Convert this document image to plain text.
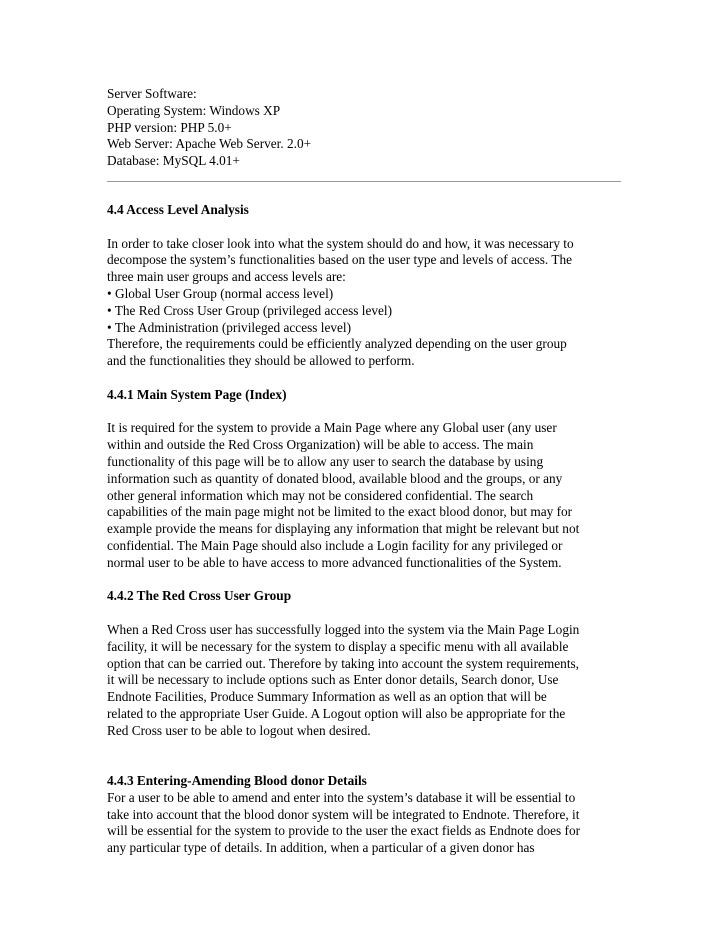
Server Software:
Operating System: Windows XP
PHP version: PHP 5.0+
Web Server: Apache Web Server. 2.0+
Database: MySQL 4.01+
4.4 Access Level Analysis
In order to take closer look into what the system should do and how, it was necessary to
decompose the system’s functionalities based on the user type and levels of access. The
three main user groups and access levels are:
• Global User Group (normal access level)
• The Red Cross User Group (privileged access level)
• The Administration (privileged access level)
Therefore, the requirements could be efficiently analyzed depending on the user group
and the functionalities they should be allowed to perform.
4.4.1 Main System Page (Index)
It is required for the system to provide a Main Page where any Global user (any user
within and outside the Red Cross Organization) will be able to access. The main
functionality of this page will be to allow any user to search the database by using
information such as quantity of donated blood, available blood and the groups, or any
other general information which may not be considered confidential. The search
capabilities of the main page might not be limited to the exact blood donor, but may for
example provide the means for displaying any information that might be relevant but not
confidential. The Main Page should also include a Login facility for any privileged or
normal user to be able to have access to more advanced functionalities of the System.
4.4.2 The Red Cross User Group
When a Red Cross user has successfully logged into the system via the Main Page Login
facility, it will be necessary for the system to display a specific menu with all available
option that can be carried out. Therefore by taking into account the system requirements,
it will be necessary to include options such as Enter donor details, Search donor, Use
Endnote Facilities, Produce Summary Information as well as an option that will be
related to the appropriate User Guide. A Logout option will also be appropriate for the
Red Cross user to be able to logout when desired.
4.4.3 Entering-Amending Blood donor Details
For a user to be able to amend and enter into the system’s database it will be essential to
take into account that the blood donor system will be integrated to Endnote. Therefore, it
will be essential for the system to provide to the user the exact fields as Endnote does for
any particular type of details. In addition, when a particular of a given donor has
